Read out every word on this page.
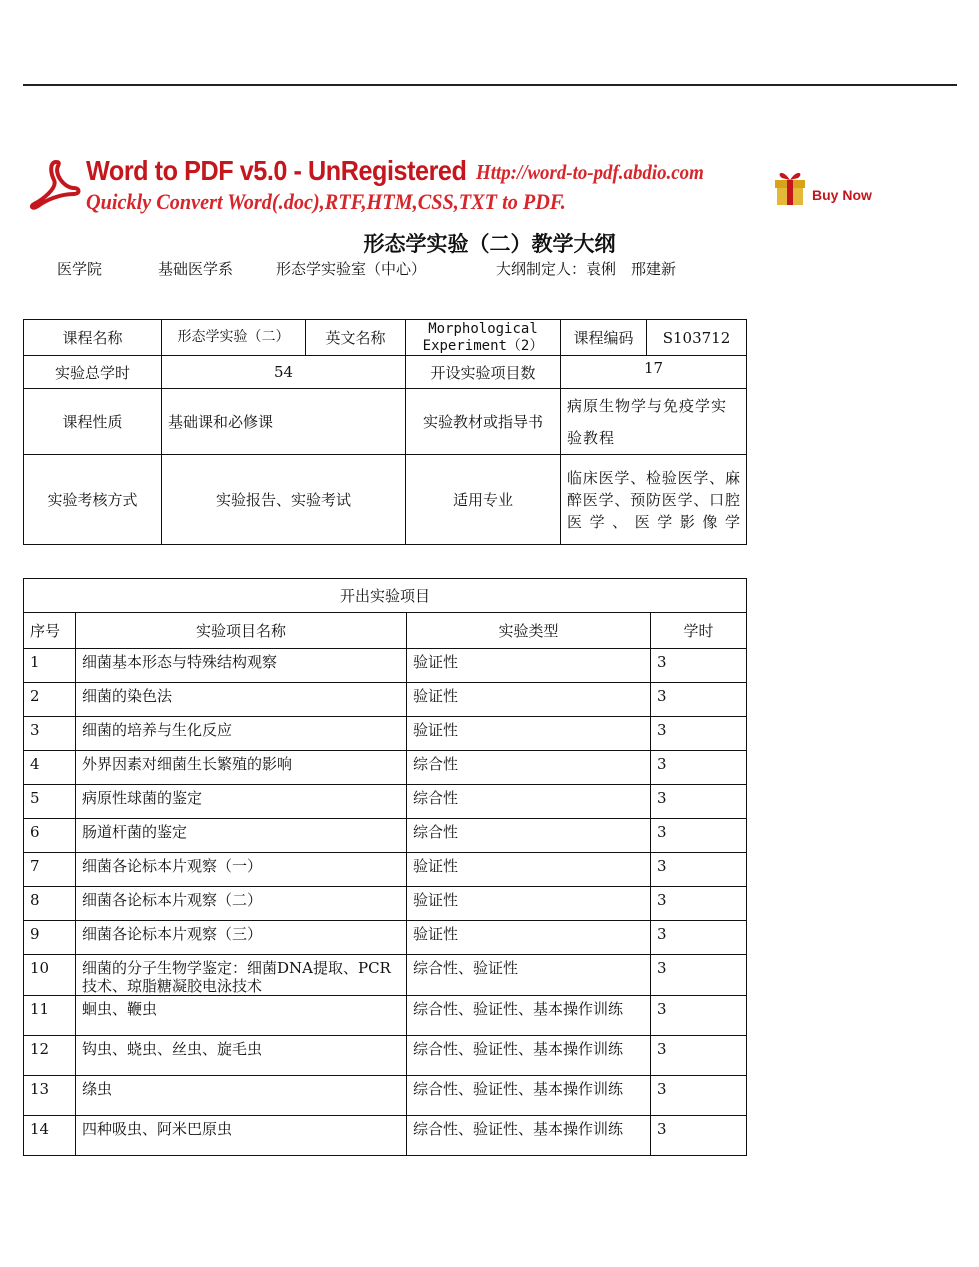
Word to PDF v5.0 - UnRegistered Http://word-to-pdf.abdio.com
Quickly Convert Word(.doc),RTF,HTM,CSS,TXT to PDF.	Buy Now
形态学实验（二）教学大纲
医学院	基础医学系	形态学实验室（中心）	大纲制定人：袁俐　邢建新
课程名称	形态学实验（二）	英文名称	Morphological Experiment（2）	课程编码	S103712
实验总学时	54		开设实验项目数	17	
课程性质	基础课和必修课		实验教材或指导书	病原生物学与免疫学实验教程	
实验考核方式	实验报告、实验考试		适用专业	临床医学、检验医学、麻醉医学、预防医学、口腔医学、医学影像学	
开出实验项目			
序号	实验项目名称	实验类型	学时
1	细菌基本形态与特殊结构观察	验证性	3
2	细菌的染色法	验证性	3
3	细菌的培养与生化反应	验证性	3
4	外界因素对细菌生长繁殖的影响	综合性	3
5	病原性球菌的鉴定	综合性	3
6	肠道杆菌的鉴定	综合性	3
7	细菌各论标本片观察（一）	验证性	3
8	细菌各论标本片观察（二）	验证性	3
9	细菌各论标本片观察（三）	验证性	3
10	细菌的分子生物学鉴定：细菌DNA提取、PCR技术、琼脂糖凝胶电泳技术	综合性、验证性	3
11	蛔虫、鞭虫	综合性、验证性、基本操作训练	3
12	钩虫、蛲虫、丝虫、旋毛虫	综合性、验证性、基本操作训练	3
13	绦虫	综合性、验证性、基本操作训练	3
14	四种吸虫、阿米巴原虫	综合性、验证性、基本操作训练	3
